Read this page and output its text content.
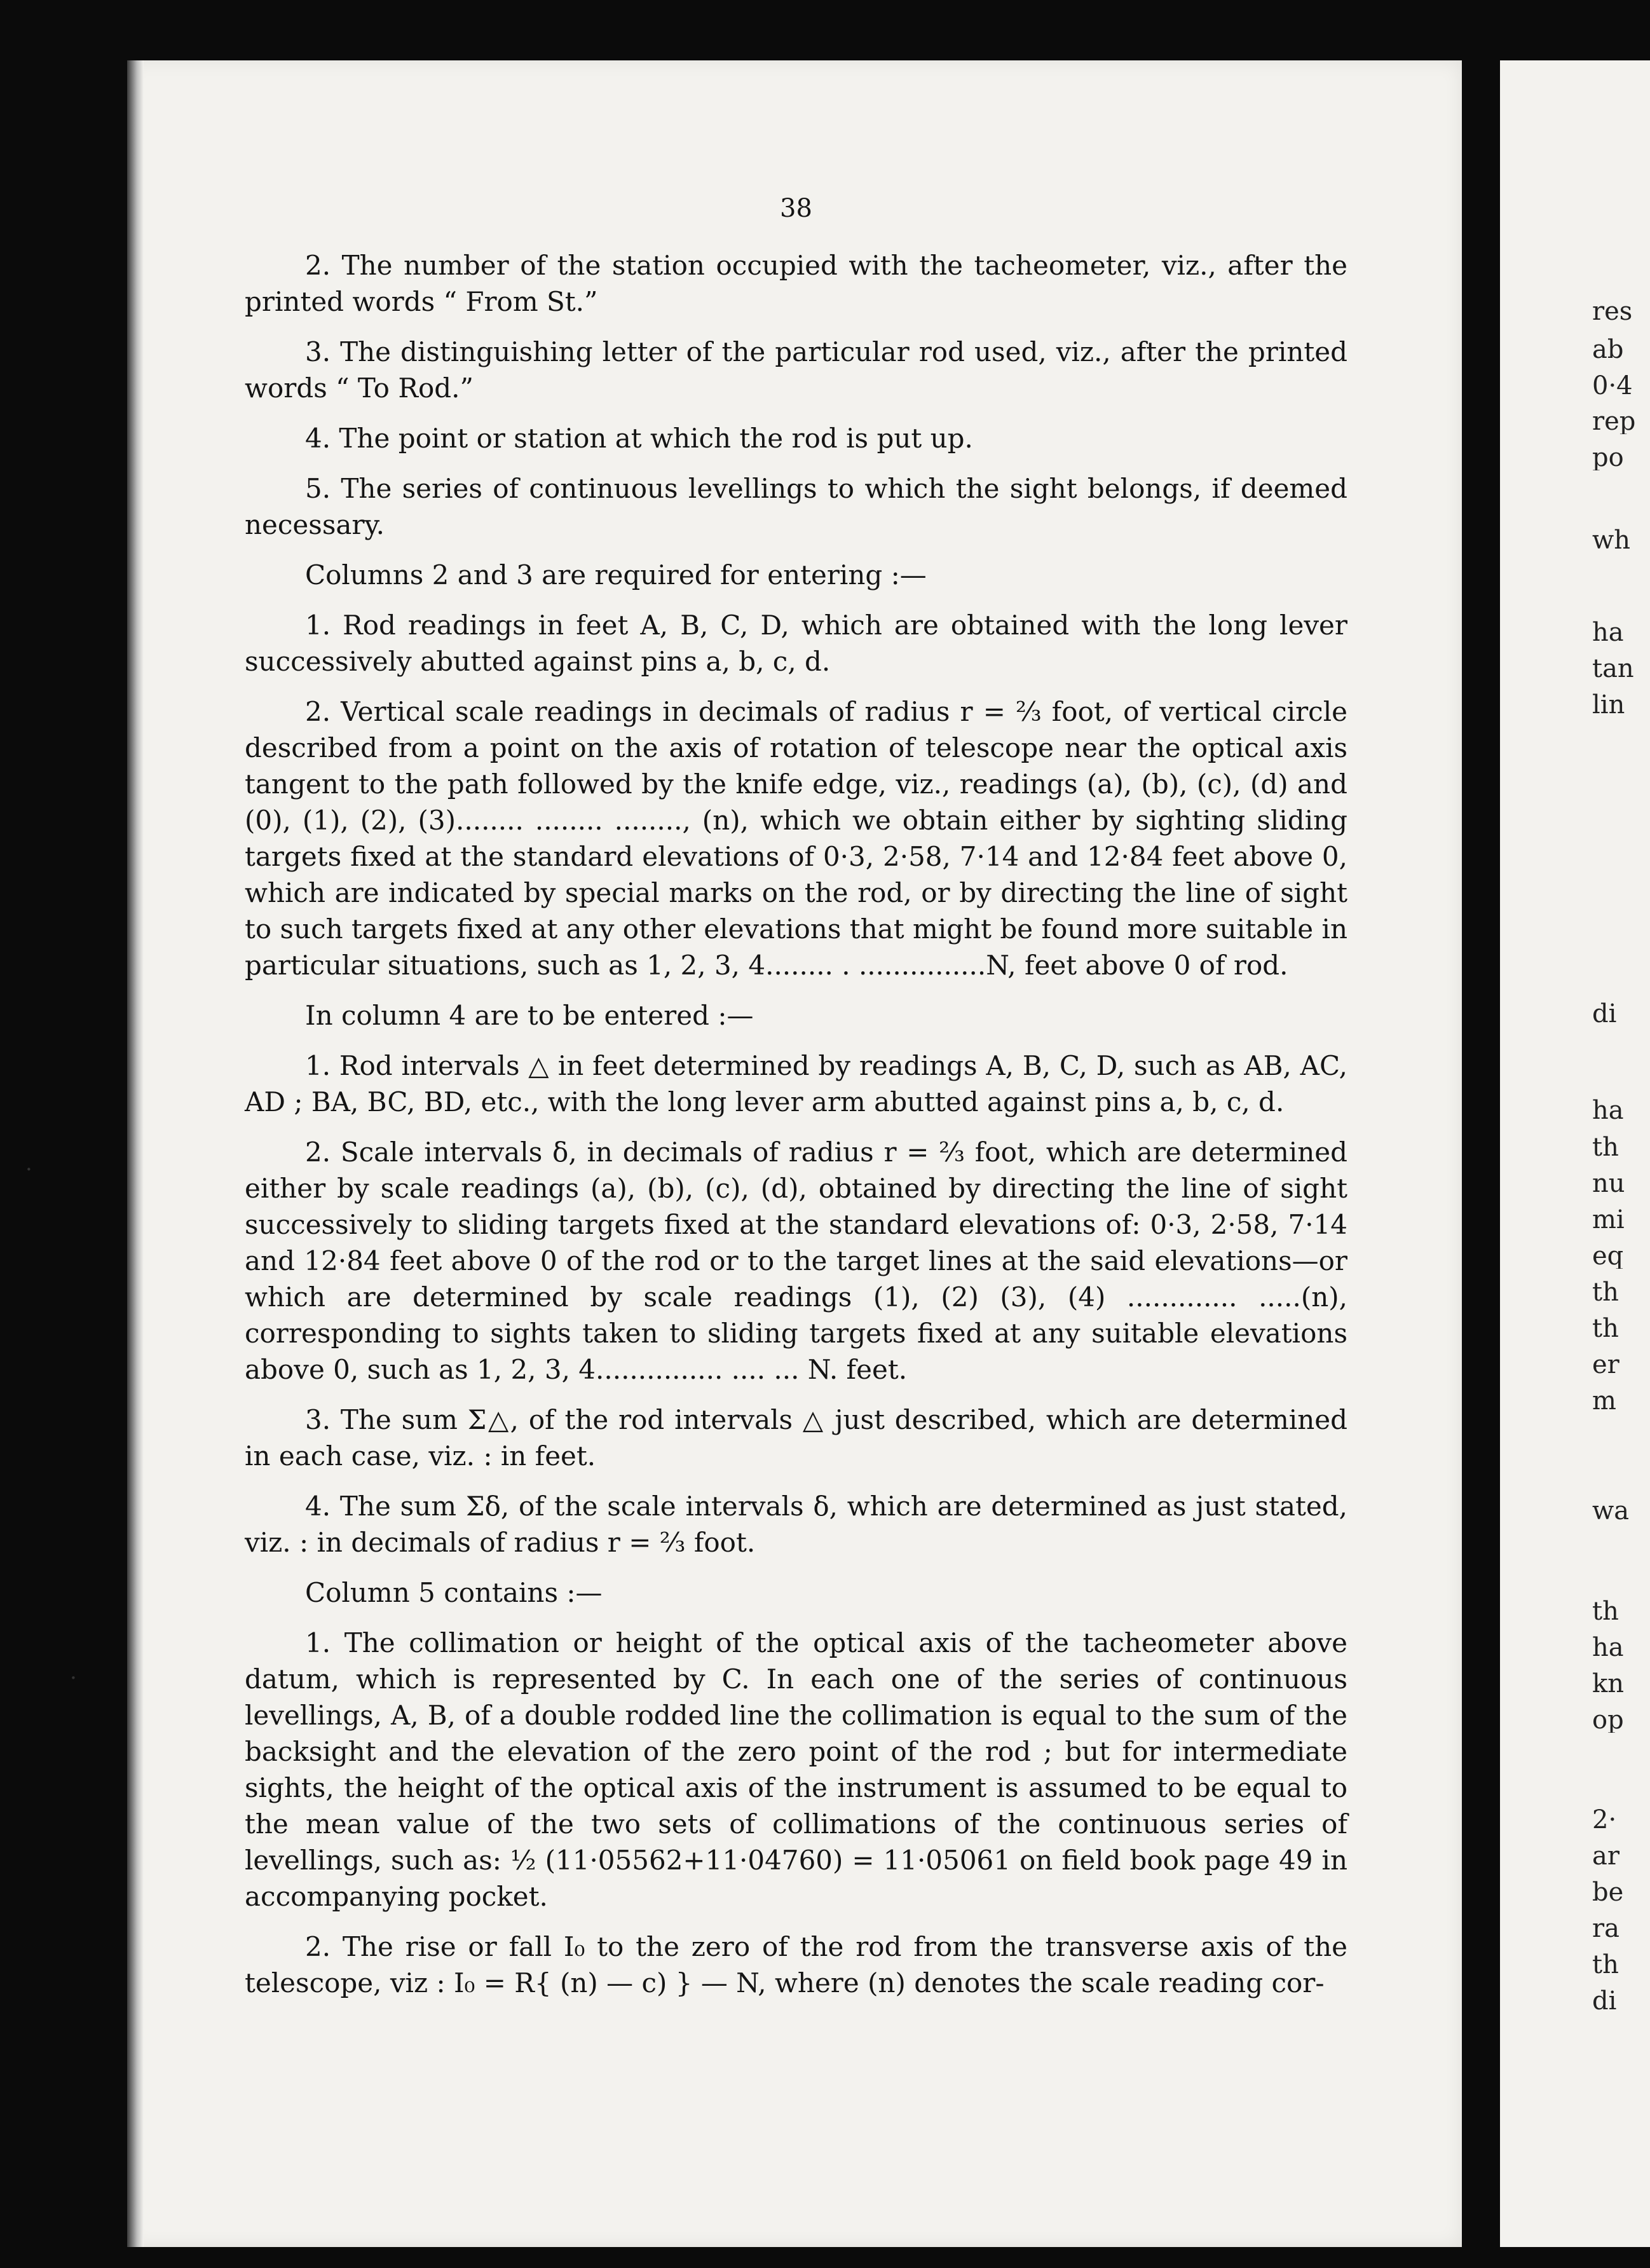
res
ab
0·4
rep
po
wh
ha
tan
lin
di
ha
th
nu
mi
eq
th
th
er
m
wa
th
ha
kn
op
2·
ar
be
ra
th
di
·
·
38

2. The number of the station occupied with the tacheometer, viz., after the printed words “ From St.”

3. The distinguishing letter of the particular rod used, viz., after the printed words “ To Rod.”

4. The point or station at which the rod is put up.

5. The series of continuous levellings to which the sight belongs, if deemed necessary.

Columns 2 and 3 are required for entering :—

1. Rod readings in feet A, B, C, D, which are obtained with the long lever successively abutted against pins a, b, c, d.

2. Vertical scale readings in decimals of radius r = ⅔ foot, of vertical circle described from a point on the axis of rotation of telescope near the optical axis tangent to the path followed by the knife edge, viz., readings (a), (b), (c), (d) and (0), (1), (2), (3)........ ........ ........, (n), which we obtain either by sighting sliding targets fixed at the standard elevations of 0·3, 2·58, 7·14 and 12·84 feet above 0, which are indicated by special marks on the rod, or by directing the line of sight to such targets fixed at any other elevations that might be found more suitable in particular situations, such as 1, 2, 3, 4........ . ...............N, feet above 0 of rod.

In column 4 are to be entered :—

1. Rod intervals △ in feet determined by readings A, B, C, D, such as AB, AC, AD ; BA, BC, BD, etc., with the long lever arm abutted against pins a, b, c, d.

2. Scale intervals δ, in decimals of radius r = ⅔ foot, which are determined either by scale readings (a), (b), (c), (d), obtained by directing the line of sight successively to sliding targets fixed at the standard elevations of: 0·3, 2·58, 7·14 and 12·84 feet above 0 of the rod or to the target lines at the said elevations—or which are determined by scale readings (1), (2) (3), (4) ............. .....(n), corresponding to sights taken to sliding targets fixed at any suitable elevations above 0, such as 1, 2, 3, 4............... .... ... N. feet.

3. The sum Σ△, of the rod intervals △ just described, which are determined in each case, viz. : in feet.

4. The sum Σδ, of the scale intervals δ, which are determined as just stated, viz. : in decimals of radius r = ⅔ foot.

Column 5 contains :—

1. The collimation or height of the optical axis of the tacheometer above datum, which is represented by C. In each one of the series of continuous levellings, A, B, of a double rodded line the collimation is equal to the sum of the backsight and the elevation of the zero point of the rod ; but for intermediate sights, the height of the optical axis of the instrument is assumed to be equal to the mean value of the two sets of collimations of the continuous series of levellings, such as: ½ (11·05562+11·04760) = 11·05061 on field book page 49 in accompanying pocket.

2. The rise or fall I₀ to the zero of the rod from the transverse axis of the telescope, viz : I₀ = R{ (n) — c) } — N, where (n) denotes the scale reading cor-
